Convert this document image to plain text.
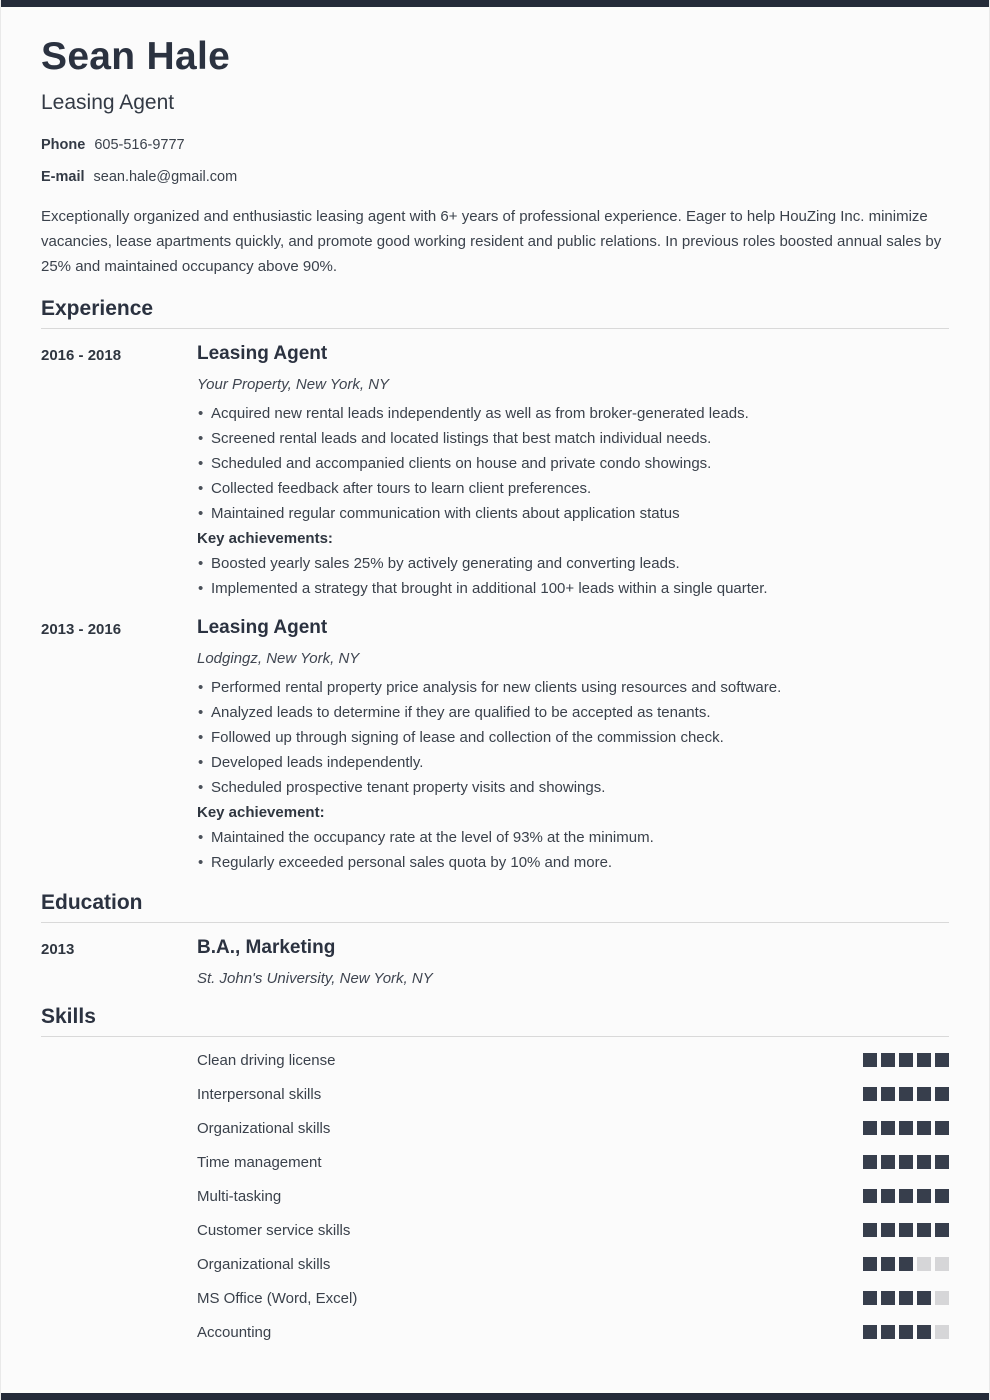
Sean Hale
Leasing Agent
Phone 605-516-9777
E-mail sean.hale@gmail.com
Exceptionally organized and enthusiastic leasing agent with 6+ years of professional experience. Eager to help HouZing Inc. minimize vacancies, lease apartments quickly, and promote good working resident and public relations. In previous roles boosted annual sales by 25% and maintained occupancy above 90%.
Experience
2016 - 2018	Leasing Agent
Your Property, New York, NY
• Acquired new rental leads independently as well as from broker-generated leads.
• Screened rental leads and located listings that best match individual needs.
• Scheduled and accompanied clients on house and private condo showings.
• Collected feedback after tours to learn client preferences.
• Maintained regular communication with clients about application status
Key achievements:
• Boosted yearly sales 25% by actively generating and converting leads.
• Implemented a strategy that brought in additional 100+ leads within a single quarter.
2013 - 2016	Leasing Agent
Lodgingz, New York, NY
• Performed rental property price analysis for new clients using resources and software.
• Analyzed leads to determine if they are qualified to be accepted as tenants.
• Followed up through signing of lease and collection of the commission check.
• Developed leads independently.
• Scheduled prospective tenant property visits and showings.
Key achievement:
• Maintained the occupancy rate at the level of 93% at the minimum.
• Regularly exceeded personal sales quota by 10% and more.
Education
2013	B.A., Marketing
St. John's University, New York, NY
Skills
Clean driving license
Interpersonal skills
Organizational skills
Time management
Multi-tasking
Customer service skills
Organizational skills
MS Office (Word, Excel)
Accounting
